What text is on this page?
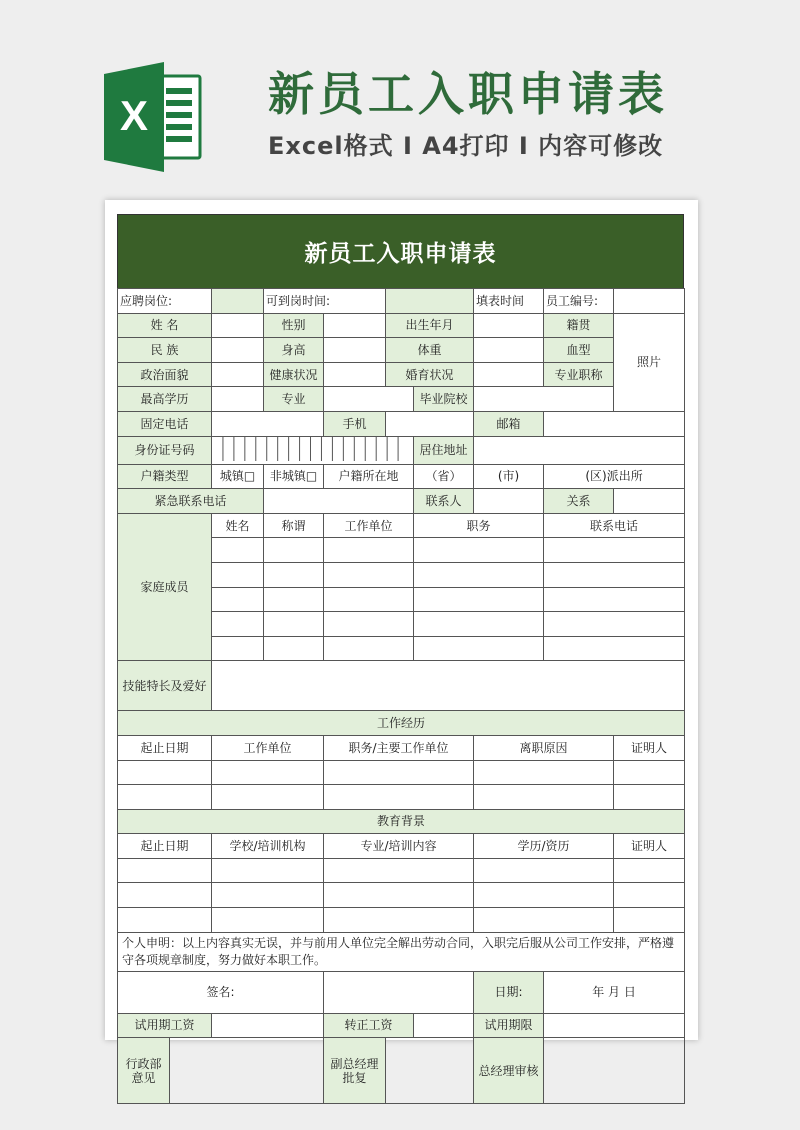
X	新员工入职申请表
Excel格式 Ⅰ A4打印 Ⅰ 内容可修改
新员工入职申请表
应聘岗位:			可到岗时间:				填表时间	员工编号:	
姓 名			性别		出生年月			籍贯	照片
民 族			身高		体重			血型	
政治面貌			健康状况		婚育状况			专业职称	
最高学历			专业			毕业院校			
固定电话				手机			邮箱		
身份证号码						居住地址			
户籍类型		城镇□	非城镇□	户籍所在地		（省）	(市)	(区)派出所	
紧急联系电话						联系人		关系	
家庭成员		姓名	称谓	工作单位		职务		联系电话	

技能特长及爱好									
工作经历									
起止日期		工作单位		职务/主要工作单位			离职原因		证明人

教育背景									
起止日期		学校/培训机构		专业/培训内容			学历/资历		证明人

个人申明：以上内容真实无误，并与前用人单位完全解出劳动合同，入职完后服从公司工作安排，严格遵守各项规章制度，努力做好本职工作。									
签名:							日期:	年 月 日	
试用期工资				转正工资			试用期限		
行政部意见				副总经理批复			总经理审核		
